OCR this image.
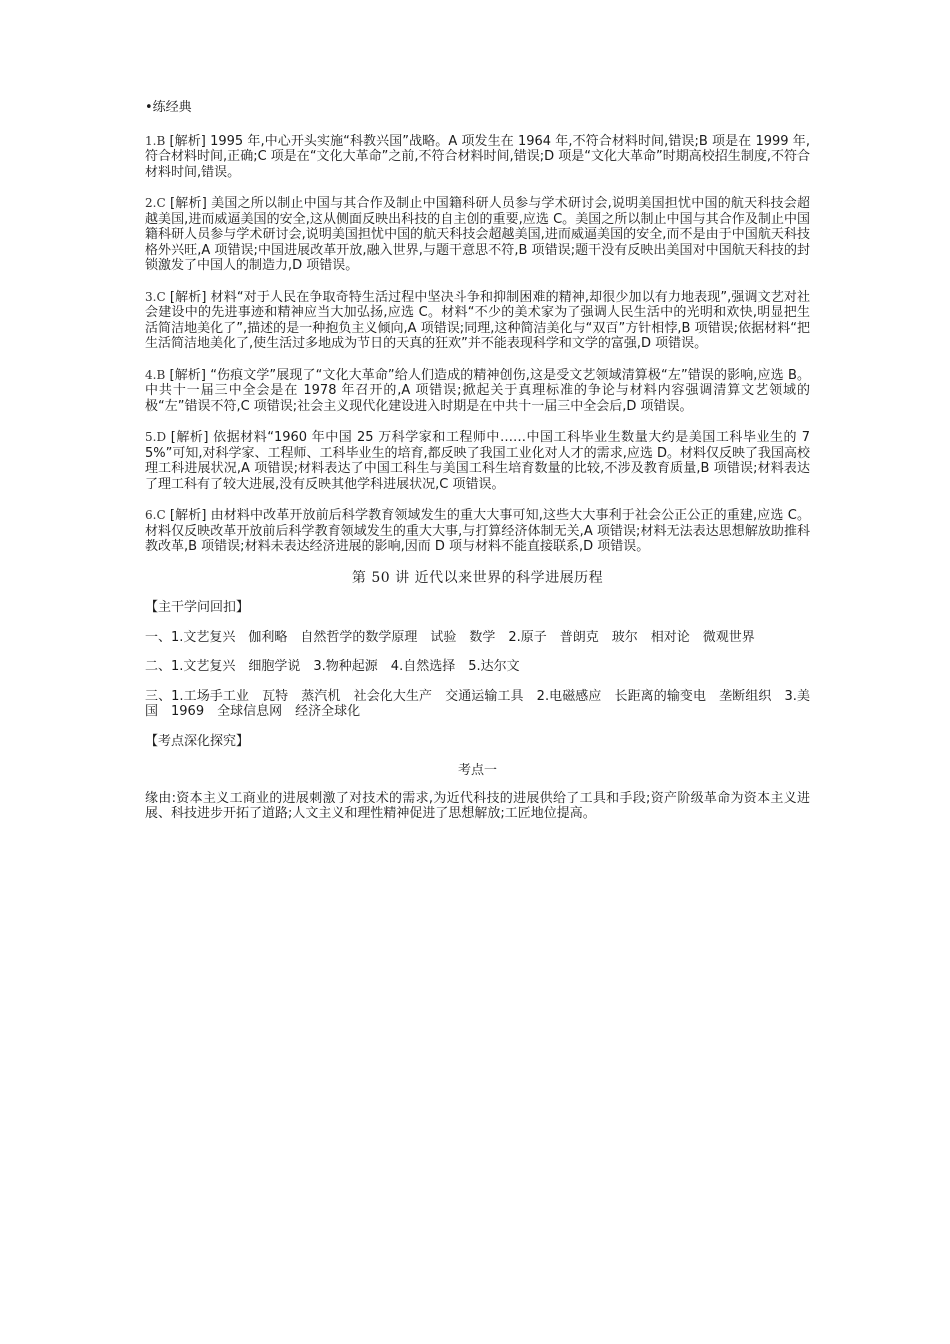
•练经典

1.B [解析] 1995 年,中心开头实施“科教兴国”战略。A 项发生在 1964 年,不符合材料时间,错误;B 项是在 1999 年,符合材料时间,正确;C 项是在“文化大革命”之前,不符合材料时间,错误;D 项是“文化大革命”时期高校招生制度,不符合材料时间,错误。

2.C [解析] 美国之所以制止中国与其合作及制止中国籍科研人员参与学术研讨会,说明美国担忧中国的航天科技会超越美国,进而威逼美国的安全,这从侧面反映出科技的自主创的重要,应选 C。美国之所以制止中国与其合作及制止中国籍科研人员参与学术研讨会,说明美国担忧中国的航天科技会超越美国,进而威逼美国的安全,而不是由于中国航天科技格外兴旺,A 项错误;中国进展改革开放,融入世界,与题干意思不符,B 项错误;题干没有反映出美国对中国航天科技的封锁激发了中国人的制造力,D 项错误。

3.C [解析] 材料“对于人民在争取奇特生活过程中坚决斗争和抑制困难的精神,却很少加以有力地表现”,强调文艺对社会建设中的先进事迹和精神应当大加弘扬,应选 C。材料“不少的美术家为了强调人民生活中的光明和欢快,明显把生活简洁地美化了”,描述的是一种抱负主义倾向,A 项错误;同理,这种简洁美化与“双百”方针相悖,B 项错误;依据材料“把生活简洁地美化了,使生活过多地成为节日的天真的狂欢”并不能表现科学和文学的富强,D 项错误。

4.B [解析] “伤痕文学”展现了“文化大革命”给人们造成的精神创伤,这是受文艺领域清算极“左”错误的影响,应选 B。中共十一届三中全会是在 1978 年召开的,A 项错误;掀起关于真理标准的争论与材料内容强调清算文艺领域的极“左”错误不符,C 项错误;社会主义现代化建设进入时期是在中共十一届三中全会后,D 项错误。

5.D [解析] 依据材料“1960 年中国 25 万科学家和工程师中……中国工科毕业生数量大约是美国工科毕业生的 75%”可知,对科学家、工程师、工科毕业生的培育,都反映了我国工业化对人才的需求,应选 D。材料仅反映了我国高校理工科进展状况,A 项错误;材料表达了中国工科生与美国工科生培育数量的比较,不涉及教育质量,B 项错误;材料表达了理工科有了较大进展,没有反映其他学科进展状况,C 项错误。

6.C [解析] 由材料中改革开放前后科学教育领域发生的重大大事可知,这些大大事利于社会公正公正的重建,应选 C。材料仅反映改革开放前后科学教育领域发生的重大大事,与打算经济体制无关,A 项错误;材料无法表达思想解放助推科教改革,B 项错误;材料未表达经济进展的影响,因而 D 项与材料不能直接联系,D 项错误。

第 50 讲 近代以来世界的科学进展历程
【主干学问回扣】

一、1.文艺复兴　伽利略　自然哲学的数学原理　试验　数学　2.原子　普朗克　玻尔　相对论　微观世界

二、1.文艺复兴　细胞学说　3.物种起源　4.自然选择　5.达尔文

三、1.工场手工业　瓦特　蒸汽机　社会化大生产　交通运输工具　2.电磁感应　长距离的输变电　垄断组织　3.美国　1969　全球信息网　经济全球化

【考点深化探究】
考点一

缘由:资本主义工商业的进展刺激了对技术的需求,为近代科技的进展供给了工具和手段;资产阶级革命为资本主义进展、科技进步开拓了道路;人文主义和理性精神促进了思想解放;工匠地位提高。
